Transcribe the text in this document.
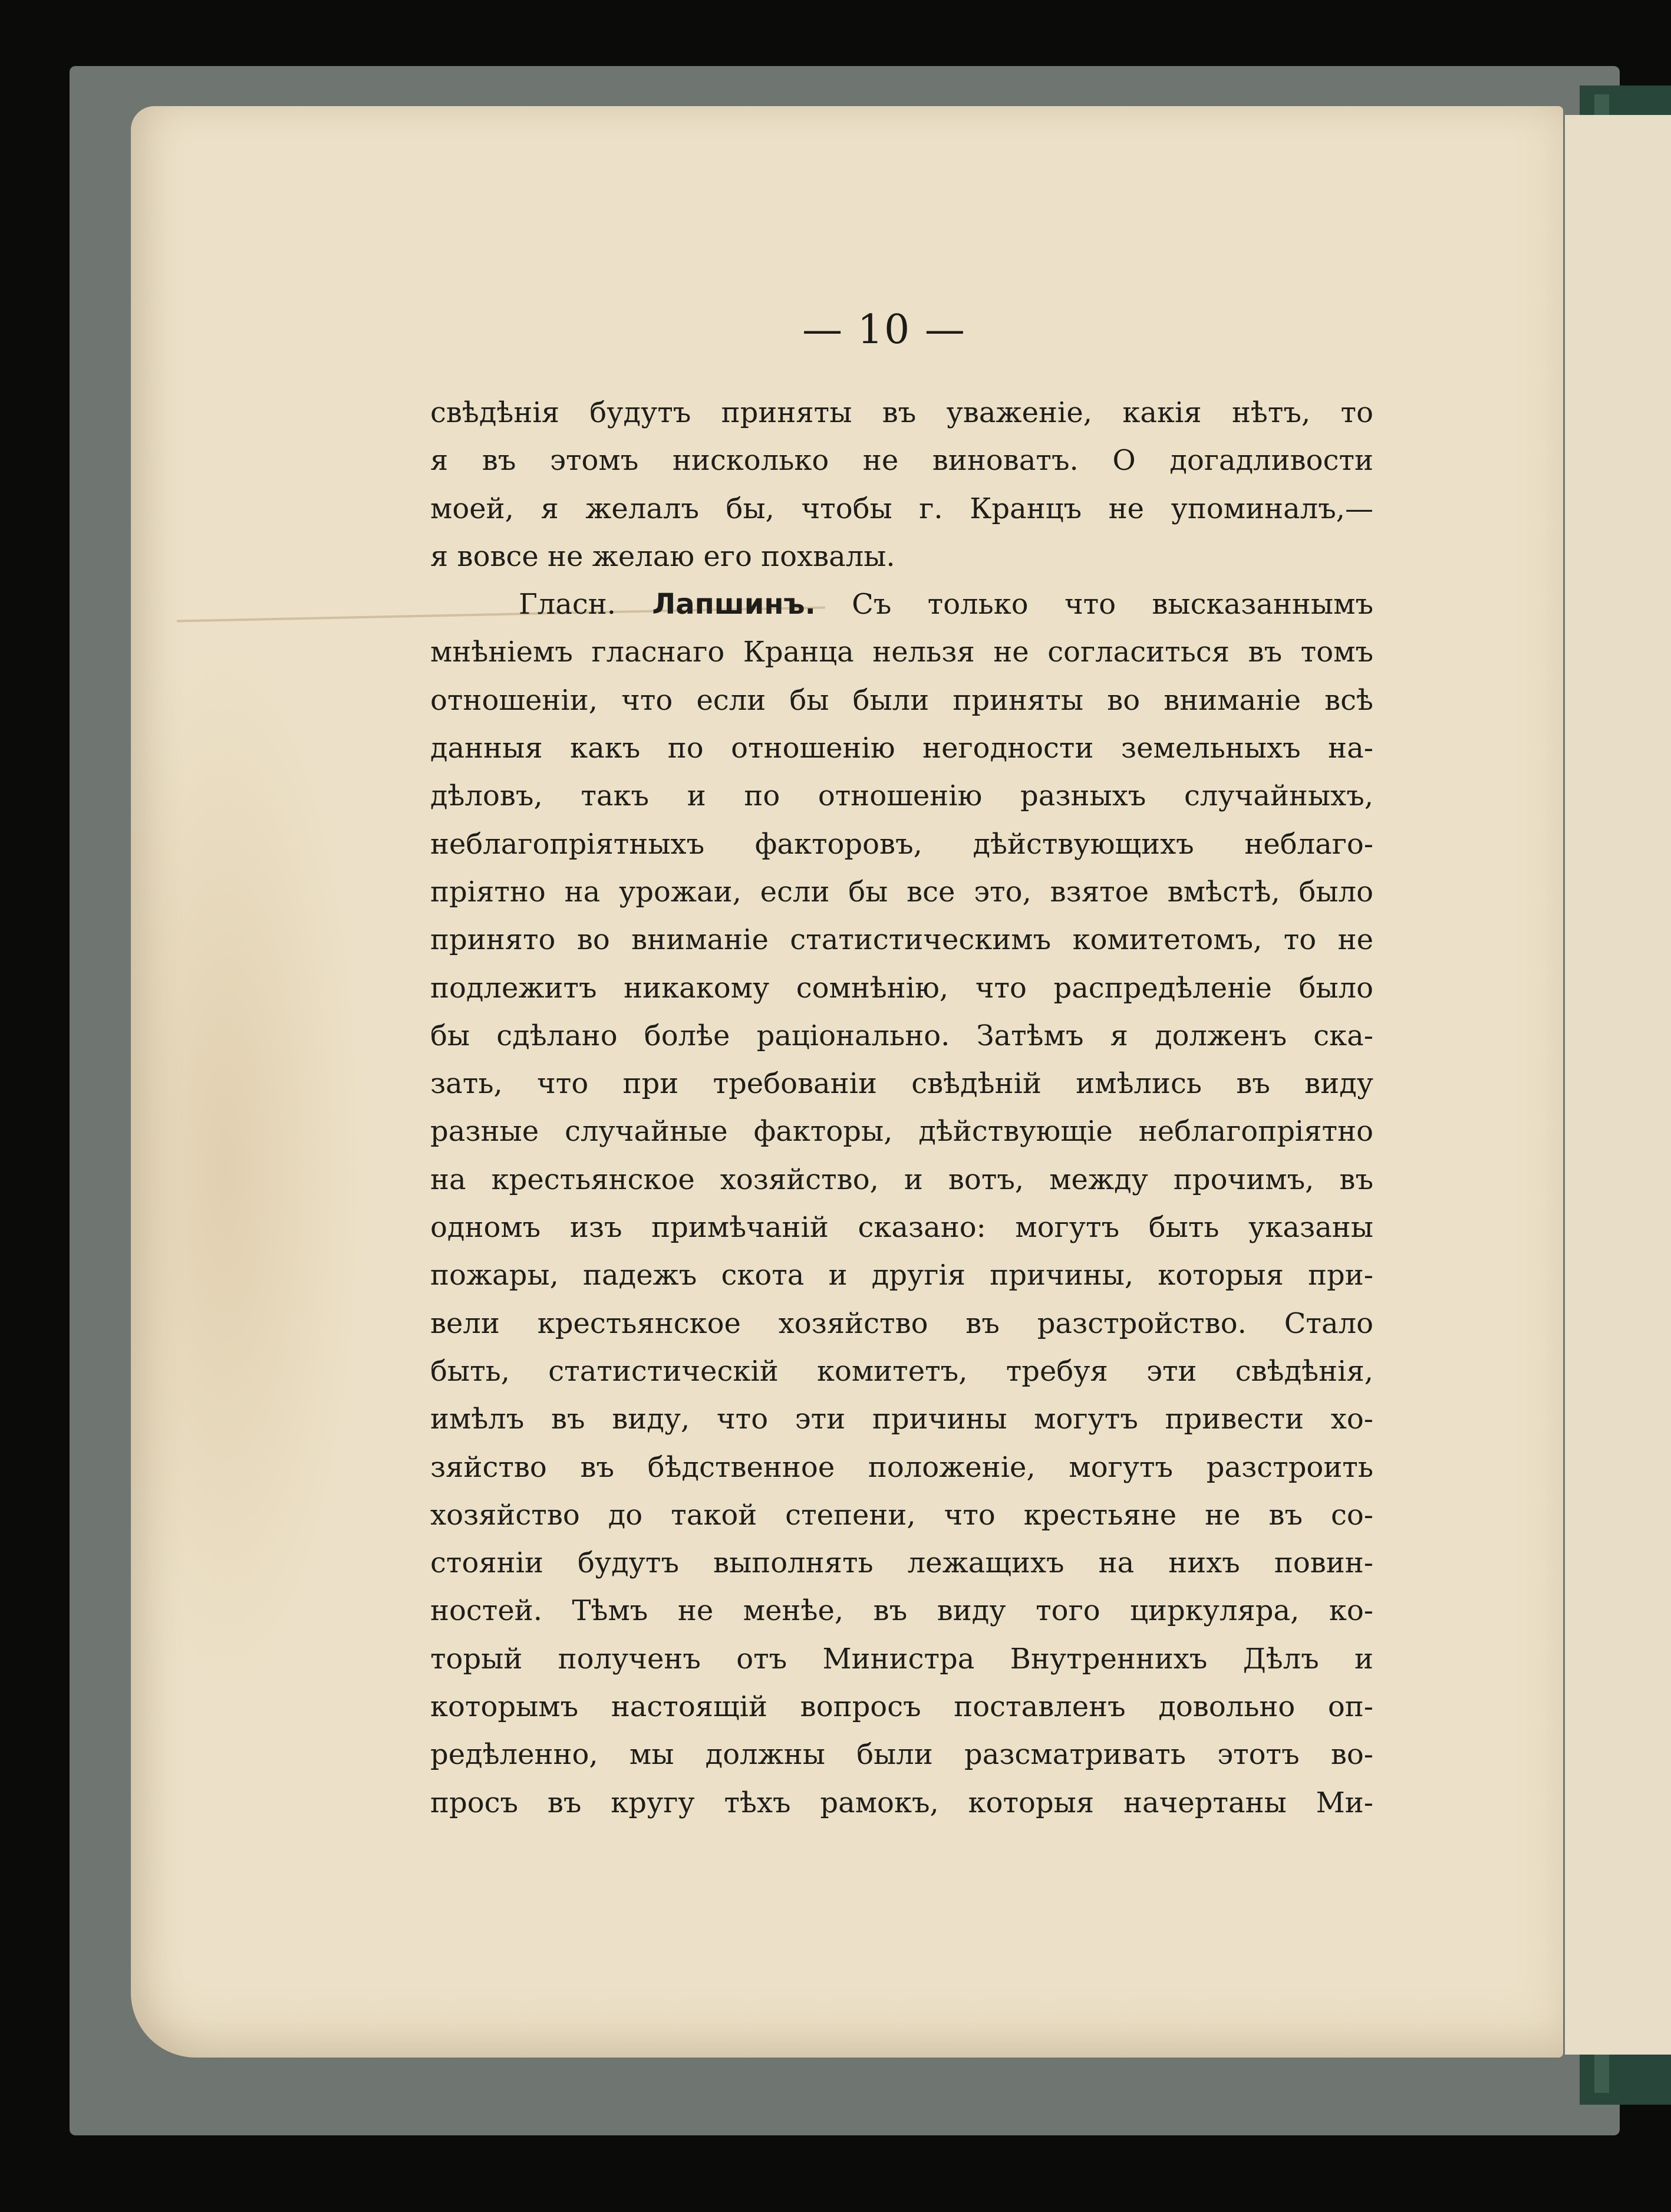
— 10 —
свѣдѣнія будутъ приняты въ уваженіе, какія нѣтъ, то
я въ этомъ нисколько не виноватъ. О догадливости
моей, я желалъ бы, чтобы г. Кранцъ не упоминалъ,—
я вовсе не желаю его похвалы.
Гласн. Лапшинъ. Съ только что высказаннымъ
мнѣніемъ гласнаго Кранца нельзя не согласиться въ томъ
отношеніи, что если бы были приняты во вниманіе всѣ
данныя какъ по отношенію негодности земельныхъ на-
дѣловъ, такъ и по отношенію разныхъ случайныхъ,
неблагопріятныхъ факторовъ, дѣйствующихъ неблаго-
пріятно на урожаи, если бы все это, взятое вмѣстѣ, было
принято во вниманіе статистическимъ комитетомъ, то не
подлежитъ никакому сомнѣнію, что распредѣленіе было
бы сдѣлано болѣе раціонально. Затѣмъ я долженъ ска-
зать, что при требованіи свѣдѣній имѣлись въ виду
разные случайные факторы, дѣйствующіе неблагопріятно
на крестьянское хозяйство, и вотъ, между прочимъ, въ
одномъ изъ примѣчаній сказано: могутъ быть указаны
пожары, падежъ скота и другія причины, которыя при-
вели крестьянское хозяйство въ разстройство. Стало
быть, статистическій комитетъ, требуя эти свѣдѣнія,
имѣлъ въ виду, что эти причины могутъ привести хо-
зяйство въ бѣдственное положеніе, могутъ разстроить
хозяйство до такой степени, что крестьяне не въ со-
стояніи будутъ выполнять лежащихъ на нихъ повин-
ностей. Тѣмъ не менѣе, въ виду того циркуляра, ко-
торый полученъ отъ Министра Внутреннихъ Дѣлъ и
которымъ настоящій вопросъ поставленъ довольно оп-
редѣленно, мы должны были разсматривать этотъ во-
просъ въ кругу тѣхъ рамокъ, которыя начертаны Ми-
